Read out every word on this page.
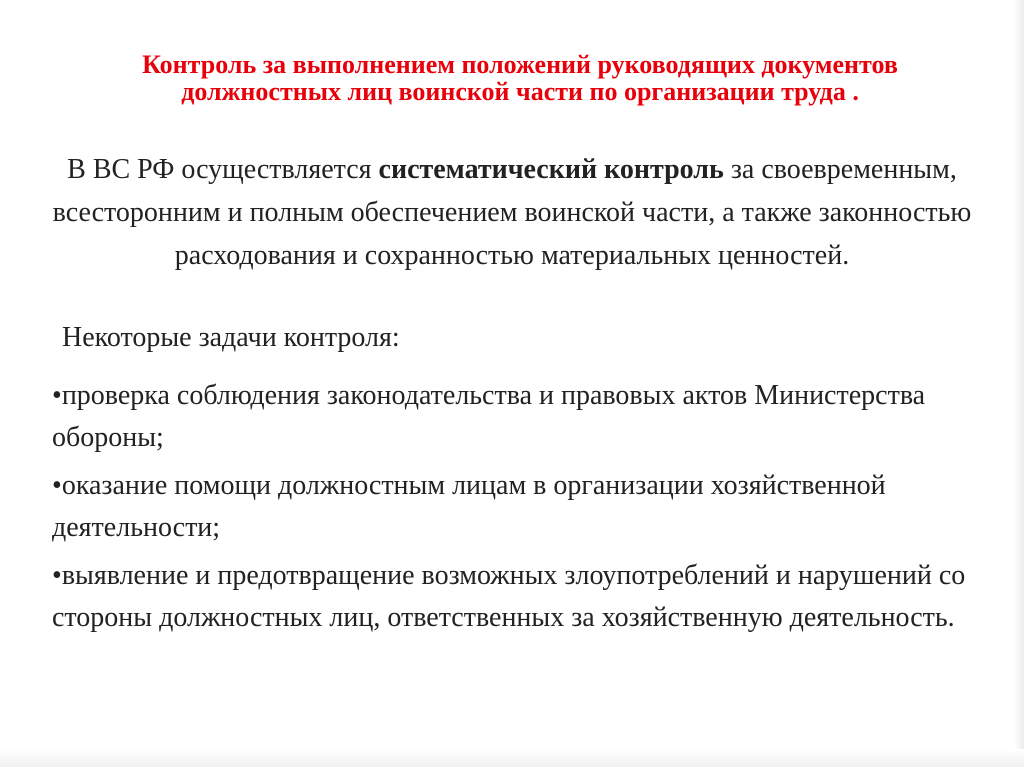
Контроль за выполнением положений руководящих документов должностных лиц воинской части по организации труда .

В ВС РФ осуществляется систематический контроль за своевременным, всесторонним и полным обеспечением воинской части, а также законностью расходования и сохранностью материальных ценностей.

Некоторые задачи контроля:

•проверка соблюдения законодательства и правовых актов Министерства обороны;
•оказание помощи должностным лицам в организации хозяйственной деятельности;
•выявление и предотвращение возможных злоупотреблений и нарушений со стороны должностных лиц, ответственных за хозяйственную деятельность.
